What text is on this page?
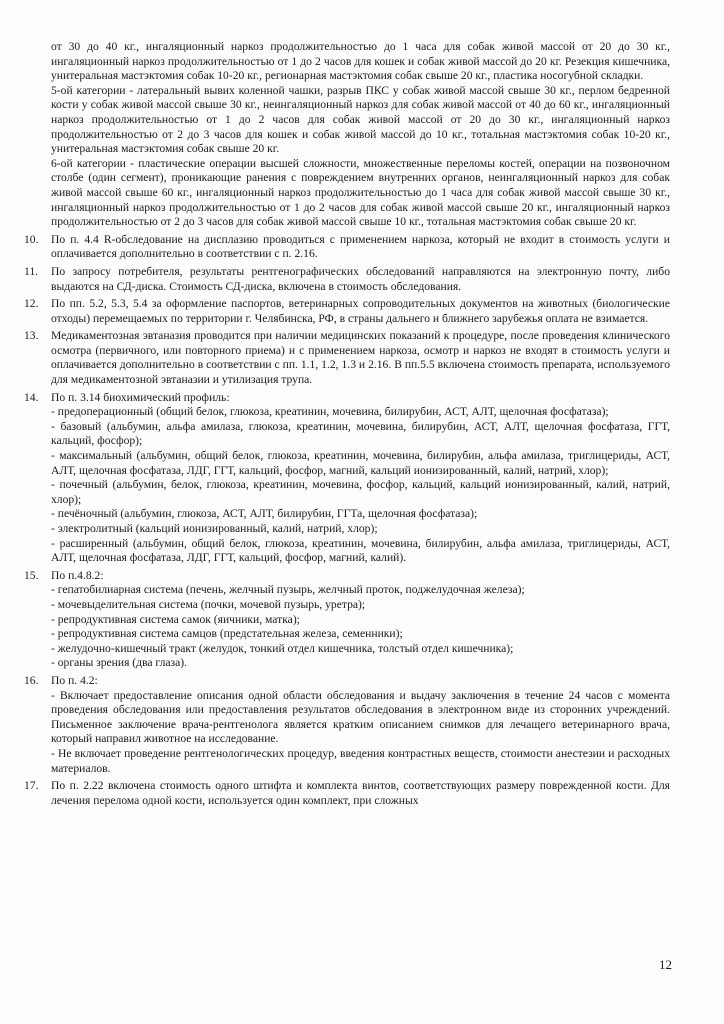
от 30 до 40 кг., ингаляционный наркоз продолжительностью до 1 часа для собак живой массой от 20 до 30 кг., ингаляционный наркоз продолжительностью от 1 до 2 часов для кошек и собак живой массой до 20 кг. Резекция кишечника, унитеральная мастэктомия собак 10-20 кг., регионарная мастэктомия собак свыше 20 кг., пластика носогубной складки.
5-ой категории - латеральный вывих коленной чашки, разрыв ПКС у собак живой массой свыше 30 кг., перлом бедренной кости у собак живой массой свыше 30 кг., неингаляционный наркоз для собак живой массой от 40 до 60 кг., ингаляционный наркоз продолжительностью от 1 до 2 часов для собак живой массой от 20 до 30 кг., ингаляционный наркоз продолжительностью от 2 до 3 часов для кошек и собак живой массой до 10 кг., тотальная мастэктомия собак 10-20 кг., унитеральная мастэктомия собак свыше 20 кг.
6-ой категории - пластические операции высшей сложности, множественные переломы костей, операции на позвоночном столбе (один сегмент), проникающие ранения с повреждением внутренних органов, неингаляционный наркоз для собак живой массой свыше 60 кг., ингаляционный наркоз продолжительностью до 1 часа для собак живой массой свыше 30 кг., ингаляционный наркоз продолжительностью от 1 до 2 часов для собак живой массой свыше 20 кг., ингаляционный наркоз продолжительностью от 2 до 3 часов для собак живой массой свыше 10 кг., тотальная мастэктомия собак свыше 20 кг.
10.	По п. 4.4 R-обследование на дисплазию проводиться с применением наркоза, который не входит в стоимость услуги и оплачивается дополнительно в соответствии с п. 2.16.
11.	По запросу потребителя, результаты рентгенографических обследований направляются на электронную почту, либо выдаются на СД-диска. Стоимость СД-диска, включена в стоимость обследования.
12.	По пп. 5.2, 5.3, 5.4 за оформление паспортов, ветеринарных сопроводительных документов на животных (биологические отходы) перемещаемых по территории г. Челябинска, РФ, в страны дальнего и ближнего зарубежья оплата не взимается.
13.	Медикаментозная эвтаназия проводится при наличии медицинских показаний к процедуре, после проведения клинического осмотра (первичного, или повторного приема) и с применением наркоза, осмотр и наркоз не входят в стоимость услуги и оплачивается дополнительно в соответствии с пп. 1.1, 1.2, 1.3 и 2.16. В пп.5.5 включена стоимость препарата, используемого для медикаментозной эвтаназии и утилизация трупа.
14.	По п. 3.14 биохимический профиль:
- предоперационный (общий белок, глюкоза, креатинин, мочевина, билирубин, АСТ, АЛТ, щелочная фосфатаза);
- базовый (альбумин, альфа амилаза, глюкоза, креатинин, мочевина, билирубин, АСТ, АЛТ, щелочная фосфатаза, ГГТ, кальций, фосфор);
- максимальный (альбумин, общий белок, глюкоза, креатинин, мочевина, билирубин, альфа амилаза, триглицериды, АСТ, АЛТ, щелочная фосфатаза, ЛДГ, ГГТ, кальций, фосфор, магний, кальций ионизированный, калий, натрий, хлор);
- почечный (альбумин, белок, глюкоза, креатинин, мочевина, фосфор, кальций, кальций ионизированный, калий, натрий, хлор);
- печёночный (альбумин, глюкоза, АСТ, АЛТ, билирубин, ГГТа, щелочная фосфатаза);
- электролитный (кальций ионизированный, калий, натрий, хлор);
- расширенный (альбумин, общий белок, глюкоза, креатинин, мочевина, билирубин, альфа амилаза, триглицериды, АСТ, АЛТ, щелочная фосфатаза, ЛДГ, ГГТ, кальций, фосфор, магний, калий).
15.	По п.4.8.2:
- гепатобилиарная система (печень, желчный пузырь, желчный проток, поджелудочная железа);
- мочевыделительная система (почки, мочевой пузырь, уретра);
- репродуктивная система самок (яичники, матка);
- репродуктивная система самцов (предстательная железа, семенники);
- желудочно-кишечный тракт (желудок, тонкий отдел кишечника, толстый отдел кишечника);
- органы зрения (два глаза).
16.	По п. 4.2:
- Включает предоставление описания одной области обследования и выдачу заключения в течение 24 часов с момента проведения обследования или предоставления результатов обследования в электронном виде из сторонних учреждений. Письменное заключение врача-рентгенолога является кратким описанием снимков для лечащего ветеринарного врача, который направил животное на исследование.
- Не включает проведение рентгенологических процедур, введения контрастных веществ, стоимости анестезии и расходных материалов.
17.	По п. 2.22 включена стоимость одного штифта и комплекта винтов, соответствующих размеру поврежденной кости. Для лечения перелома одной кости, используется один комплект, при сложных
12
